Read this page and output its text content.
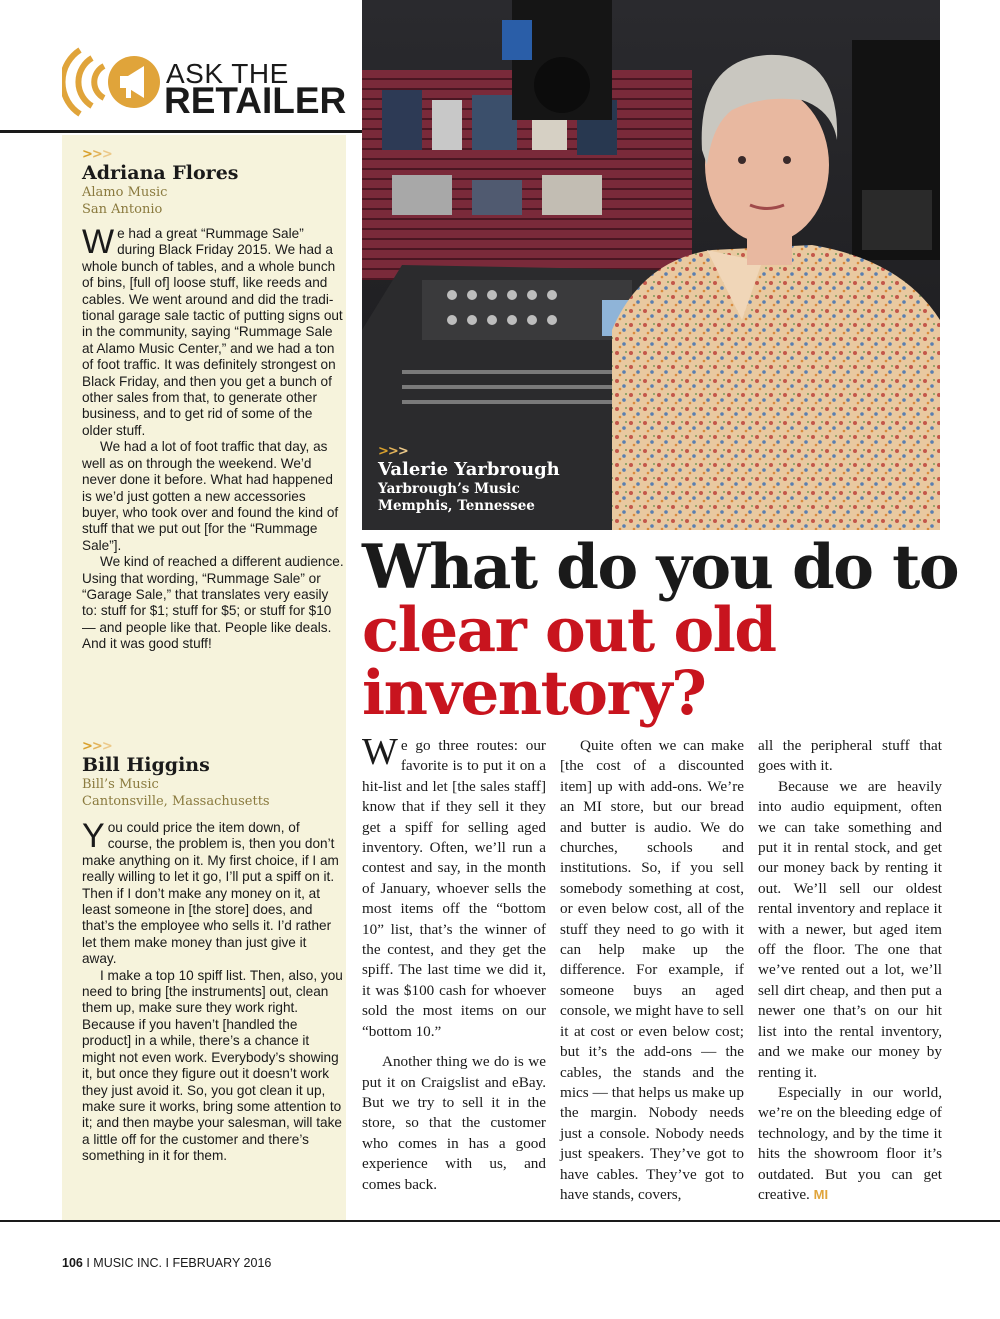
ASK THE
RETAILER
>>>
Adriana Flores
Alamo Music
San Antonio

We had a great “Rummage Sale” during Black Friday 2015. We had a whole bunch of tables, and a whole bunch of bins, [full of] loose stuff, like reeds and cables. We went around and did the traditional garage sale tactic of putting signs out in the community, saying “Rummage Sale at Alamo Music Center,” and we had a ton of foot traffic. It was definitely strongest on Black Friday, and then you get a bunch of other sales from that, to generate other business, and to get rid of some of the older stuff.

We had a lot of foot traffic that day, as well as on through the weekend. We’d never done it before. What had happened is we’d just gotten a new accessories buyer, who took over and found the kind of stuff that we put out [for the “Rummage Sale”].

We kind of reached a different audience. Using that wording, “Rummage Sale” or “Garage Sale,” that translates very easily to: stuff for $1; stuff for $5; or stuff for $10 — and people like that. People like deals. And it was good stuff!

>>>
Bill Higgins
Bill’s Music
Cantonsville, Massachusetts

You could price the item down, of course, the problem is, then you don’t make anything on it. My first choice, if I am really willing to let it go, I’ll put a spiff on it. Then if I don’t make any money on it, at least someone in [the store] does, and that’s the employee who sells it. I’d rather let them make money than just give it away.

I make a top 10 spiff list. Then, also, you need to bring [the instruments] out, clean them up, make sure they work right. Because if you haven’t [handled the product] in a while, there’s a chance it might not even work. Everybody’s showing it, but once they figure out it doesn’t work they just avoid it. So, you got clean it up, make sure it works, bring some attention to it; and then maybe your salesman, will take a little off for the customer and there’s something in it for them.

>>>
Valerie Yarbrough
Yarbrough’s Music
Memphis, Tennessee
What do you do to clear out old inventory?

We go three routes: our favorite is to put it on a hit-list and let [the sales staff] know that if they sell it they get a spiff for selling aged inventory. Often, we’ll run a contest and say, in the month of January, whoever sells the most items off the “bottom 10” list, that’s the winner of the contest, and they get the spiff. The last time we did it, it was $100 cash for whoever sold the most items on our “bottom 10.”

Another thing we do is we put it on Craigslist and eBay. But we try to sell it in the store, so that the customer who comes in has a good experience with us, and comes back.

Quite often we can make [the cost of a discounted item] up with add-ons. We’re an MI store, but our bread and butter is audio. We do churches, schools and institutions. So, if you sell somebody something at cost, or even below cost, all of the stuff they need to go with it can help make up the difference. For example, if someone buys an aged console, we might have to sell it at cost or even below cost; but it’s the add-ons — the cables, the stands and the mics — that helps us make up the margin. Nobody needs just a console. Nobody needs just speakers. They’ve got to have cables. They’ve got to have stands, covers,

all the peripheral stuff that goes with it.

Because we are heavily into audio equipment, often we can take something and put it in rental stock, and get our money back by renting it out. We’ll sell our oldest rental inventory and replace it with a newer, but aged item off the floor. The one that we’ve rented out a lot, we’ll sell dirt cheap, and then put a newer one that’s on our hit list into the rental inventory, and we make our money by renting it.

Especially in our world, we’re on the bleeding edge of technology, and by the time it hits the showroom floor it’s outdated. But you can get creative. MI

106 I MUSIC INC. I FEBRUARY 2016
